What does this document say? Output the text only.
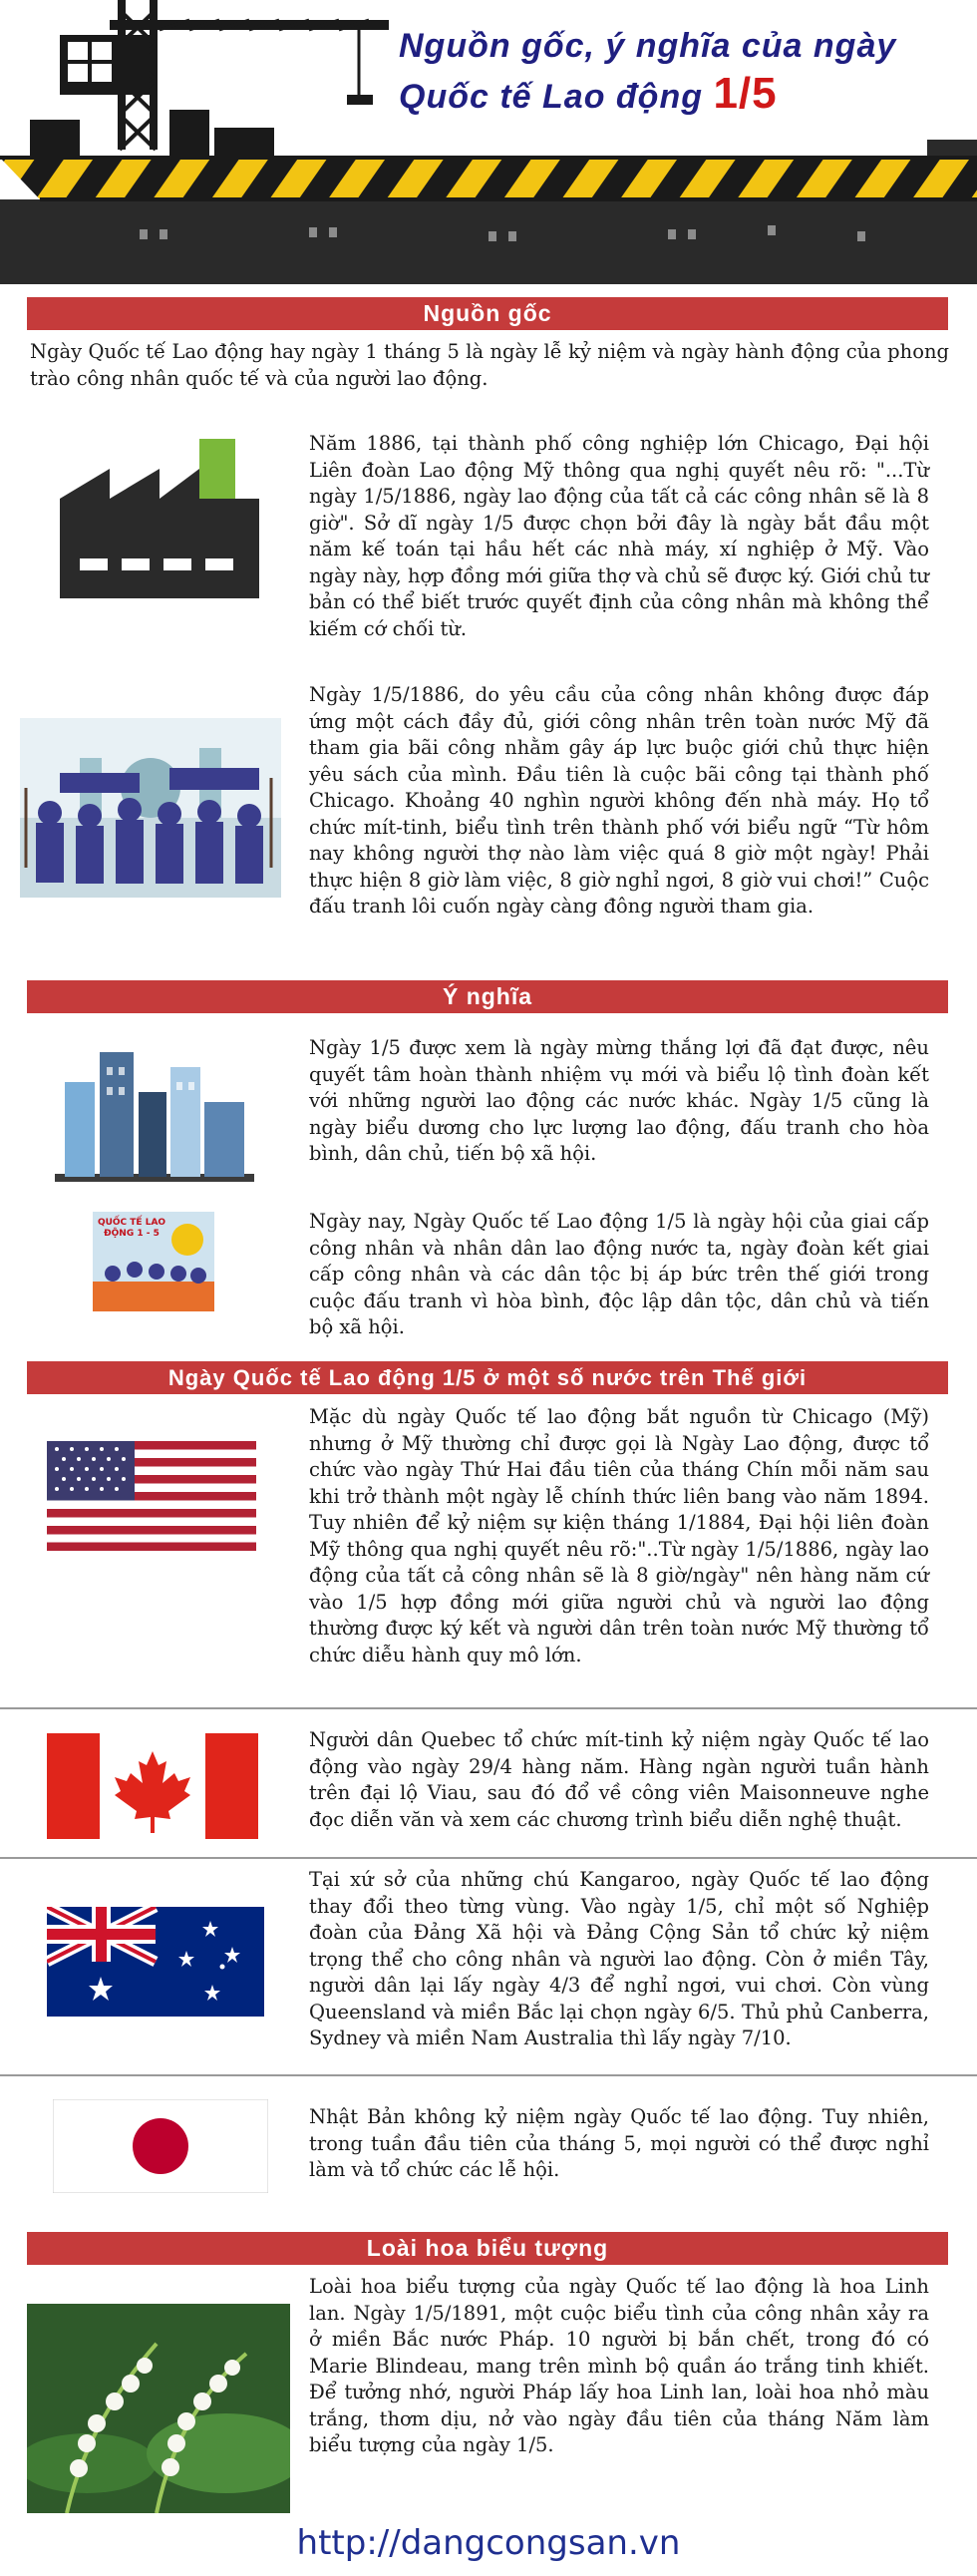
Nguồn gốc, ý nghĩa của ngày
Quốc tế Lao động 1/5
Nguồn gốc

Ngày Quốc tế Lao động hay ngày 1 tháng 5 là ngày lễ kỷ niệm và ngày hành động của phong trào công nhân quốc tế và của người lao động.

Năm 1886, tại thành phố công nghiệp lớn Chicago, Đại hội Liên đoàn Lao động Mỹ thông qua nghị quyết nêu rõ: "...Từ ngày 1/5/1886, ngày lao động của tất cả các công nhân sẽ là 8 giờ". Sở dĩ ngày 1/5 được chọn bởi đây là ngày bắt đầu một năm kế toán tại hầu hết các nhà máy, xí nghiệp ở Mỹ. Vào ngày này, hợp đồng mới giữa thợ và chủ sẽ được ký. Giới chủ tư bản có thể biết trước quyết định của công nhân mà không thể kiếm cớ chối từ.

Ngày 1/5/1886, do yêu cầu của công nhân không được đáp ứng một cách đầy đủ, giới công nhân trên toàn nước Mỹ đã tham gia bãi công nhằm gây áp lực buộc giới chủ thực hiện yêu sách của mình. Đầu tiên là cuộc bãi công tại thành phố Chicago. Khoảng 40 nghìn người không đến nhà máy. Họ tổ chức mít-tinh, biểu tình trên thành phố với biểu ngữ “Từ hôm nay không người thợ nào làm việc quá 8 giờ một ngày! Phải thực hiện 8 giờ làm việc, 8 giờ nghỉ ngơi, 8 giờ vui chơi!” Cuộc đấu tranh lôi cuốn ngày càng đông người tham gia.

Ý nghĩa

Ngày 1/5 được xem là ngày mừng thắng lợi đã đạt được, nêu quyết tâm hoàn thành nhiệm vụ mới và biểu lộ tình đoàn kết với những người lao động các nước khác. Ngày 1/5 cũng là ngày biểu dương cho lực lượng lao động, đấu tranh cho hòa bình, dân chủ, tiến bộ xã hội.

QUỐC TẾ LAO ĐỘNG 1 - 5

Ngày nay, Ngày Quốc tế Lao động 1/5 là ngày hội của giai cấp công nhân và nhân dân lao động nước ta, ngày đoàn kết giai cấp công nhân và các dân tộc bị áp bức trên thế giới trong cuộc đấu tranh vì hòa bình, độc lập dân tộc, dân chủ và tiến bộ xã hội.

Ngày Quốc tế Lao động 1/5 ở một số nước trên Thế giới

Mặc dù ngày Quốc tế lao động bắt nguồn từ Chicago (Mỹ) nhưng ở Mỹ thường chỉ được gọi là Ngày Lao động, được tổ chức vào ngày Thứ Hai đầu tiên của tháng Chín mỗi năm sau khi trở thành một ngày lễ chính thức liên bang vào năm 1894. Tuy nhiên để kỷ niệm sự kiện tháng 1/1884, Đại hội liên đoàn Mỹ thông qua nghị quyết nêu rõ:"..Từ ngày 1/5/1886, ngày lao động của tất cả công nhân sẽ là 8 giờ/ngày" nên hàng năm cứ vào 1/5 hợp đồng mới giữa người chủ và người lao động thường được ký kết và người dân trên toàn nước Mỹ thường tổ chức diễu hành quy mô lớn.

Người dân Quebec tổ chức mít-tinh kỷ niệm ngày Quốc tế lao động vào ngày 29/4 hàng năm. Hàng ngàn người tuần hành trên đại lộ Viau, sau đó đổ về công viên Maisonneuve nghe đọc diễn văn và xem các chương trình biểu diễn nghệ thuật.

Tại xứ sở của những chú Kangaroo, ngày Quốc tế lao động thay đổi theo từng vùng. Vào ngày 1/5, chỉ một số Nghiệp đoàn của Đảng Xã hội và Đảng Cộng Sản tổ chức kỷ niệm trọng thể cho công nhân và người lao động. Còn ở miền Tây, người dân lại lấy ngày 4/3 để nghỉ ngơi, vui chơi. Còn vùng Queensland và miền Bắc lại chọn ngày 6/5. Thủ phủ Canberra, Sydney và miền Nam Australia thì lấy ngày 7/10.

Nhật Bản không kỷ niệm ngày Quốc tế lao động. Tuy nhiên, trong tuần đầu tiên của tháng 5, mọi người có thể được nghỉ làm và tổ chức các lễ hội.

Loài hoa biểu tượng

Loài hoa biểu tượng của ngày Quốc tế lao động là hoa Linh lan. Ngày 1/5/1891, một cuộc biểu tình của công nhân xảy ra ở miền Bắc nước Pháp. 10 người bị bắn chết, trong đó có Marie Blindeau, mang trên mình bộ quần áo trắng tinh khiết. Để tưởng nhớ, người Pháp lấy hoa Linh lan, loài hoa nhỏ màu trắng, thơm dịu, nở vào ngày đầu tiên của tháng Năm làm biểu tượng của ngày 1/5.

http://dangcongsan.vn
